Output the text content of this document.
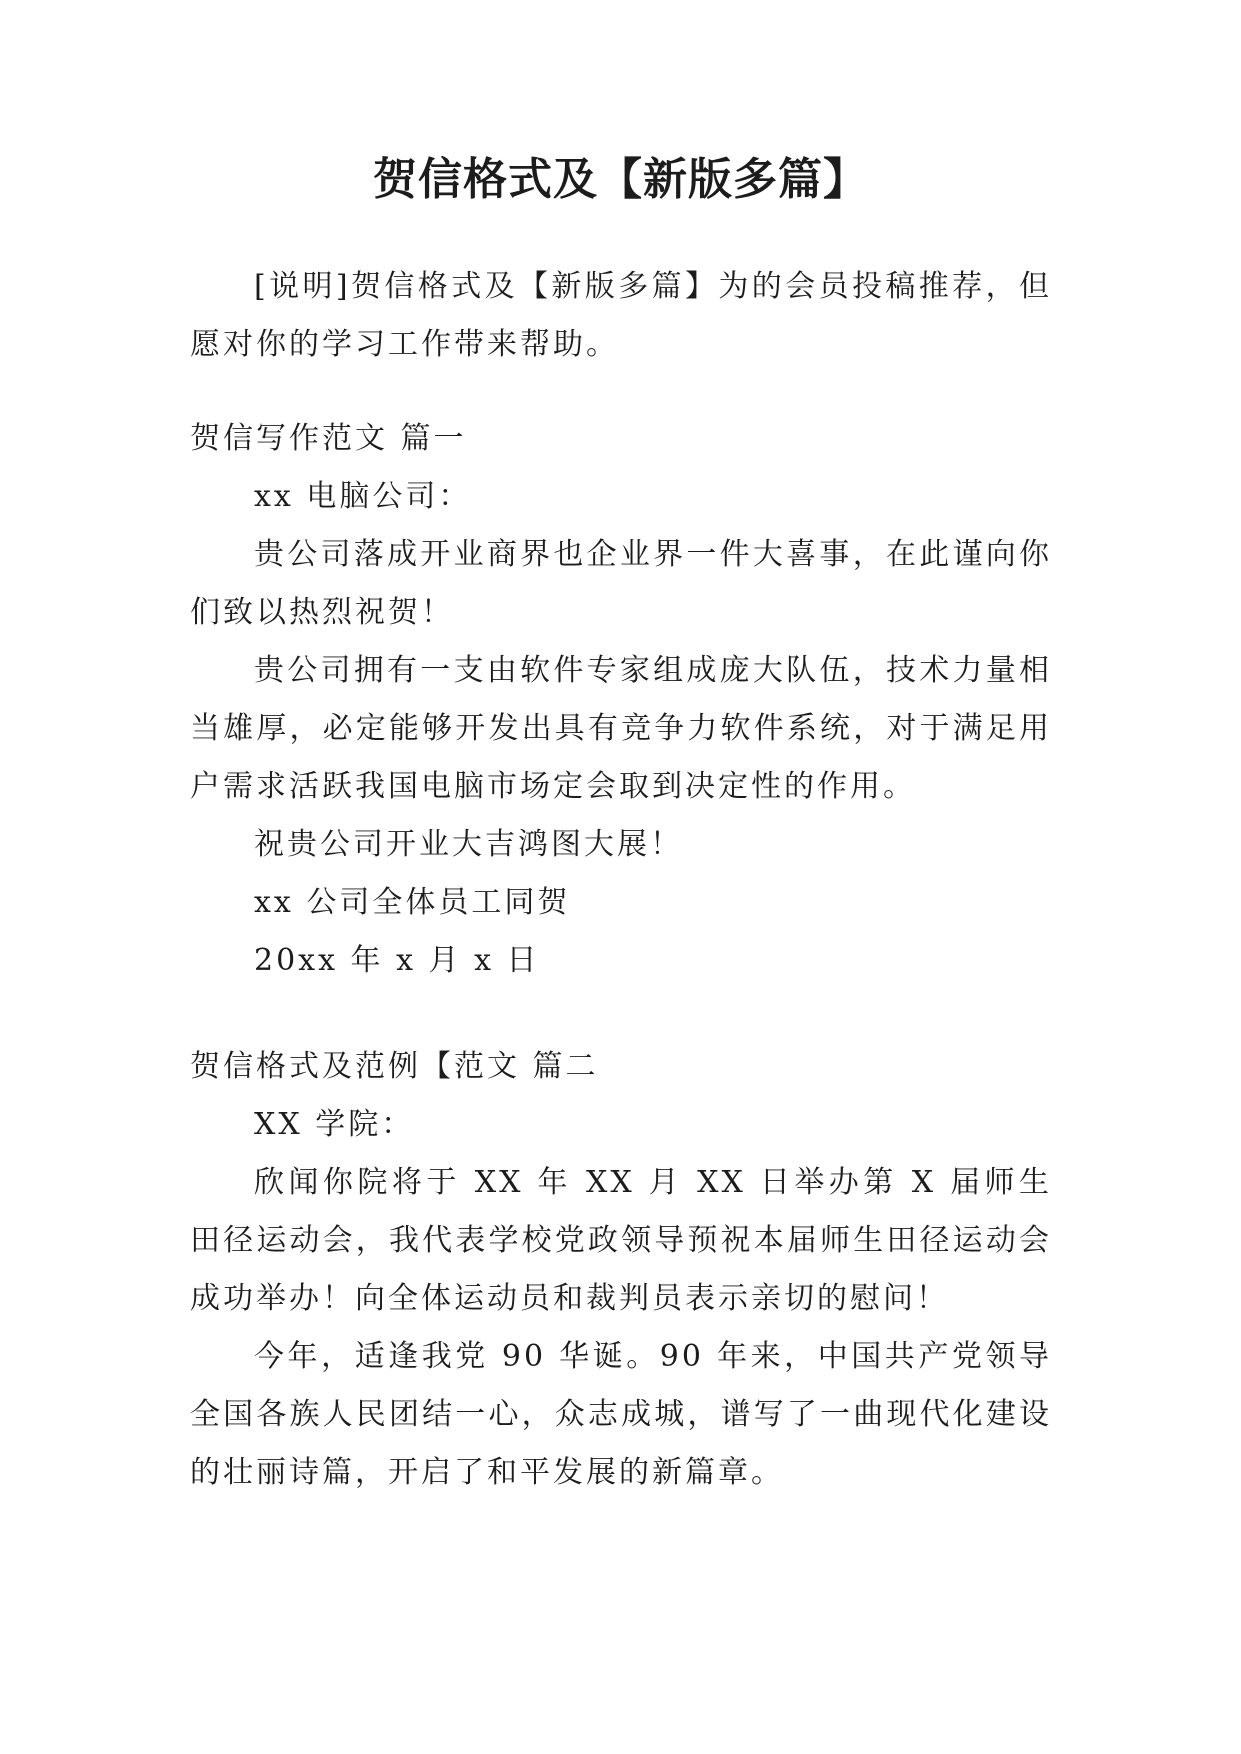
贺信格式及【新版多篇】

[说明]贺信格式及【新版多篇】为的会员投稿推荐，但愿对你的学习工作带来帮助。

贺信写作范文 篇一

xx 电脑公司：

贵公司落成开业商界也企业界一件大喜事，在此谨向你们致以热烈祝贺！

贵公司拥有一支由软件专家组成庞大队伍，技术力量相当雄厚，必定能够开发出具有竞争力软件系统，对于满足用户需求活跃我国电脑市场定会取到决定性的作用。

祝贵公司开业大吉鸿图大展！

xx 公司全体员工同贺

20xx 年 x 月 x 日

贺信格式及范例【范文 篇二

XX 学院：

欣闻你院将于 XX 年 XX 月 XX 日举办第 X 届师生田径运动会，我代表学校党政领导预祝本届师生田径运动会成功举办！向全体运动员和裁判员表示亲切的慰问！

今年，适逢我党 90 华诞。90 年来，中国共产党领导全国各族人民团结一心，众志成城，谱写了一曲现代化建设的壮丽诗篇，开启了和平发展的新篇章。
